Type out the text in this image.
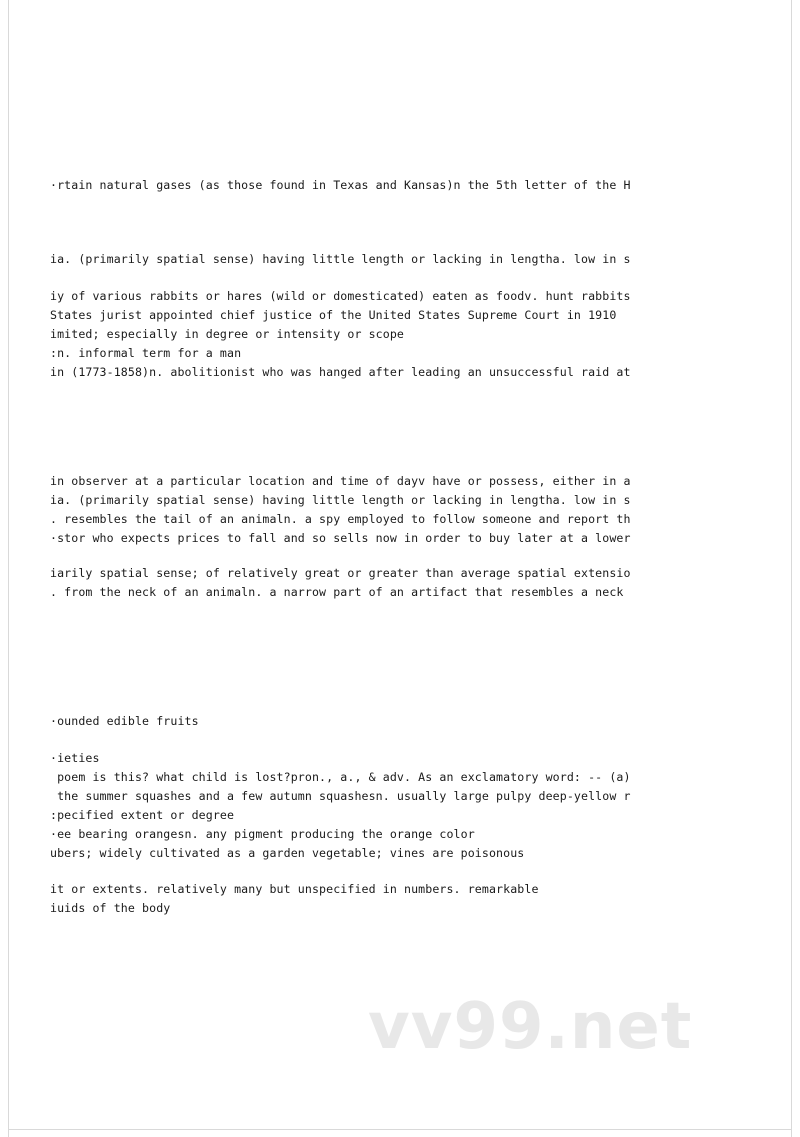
·rtain natural gases (as those found in Texas and Kansas)n the 5th letter of the H
ia. (primarily spatial sense) having little length or lacking in lengtha. low in s
iy of various rabbits or hares (wild or domesticated) eaten as foodv. hunt rabbits
States jurist appointed chief justice of the United States Supreme Court in 1910
imited; especially in degree or intensity or scope
:n. informal term for a man
in (1773-1858)n. abolitionist who was hanged after leading an unsuccessful raid at
in observer at a particular location and time of dayv have or possess, either in a
ia. (primarily spatial sense) having little length or lacking in lengtha. low in s
. resembles the tail of an animaln. a spy employed to follow someone and report th
·stor who expects prices to fall and so sells now in order to buy later at a lower
iarily spatial sense; of relatively great or greater than average spatial extensio
. from the neck of an animaln. a narrow part of an artifact that resembles a neck
·ounded edible fruits
·ieties
poem is this? what child is lost?pron., a., & adv. As an exclamatory word: -- (a)
the summer squashes and a few autumn squashesn. usually large pulpy deep-yellow r
:pecified extent or degree
·ee bearing orangesn. any pigment producing the orange color
ubers; widely cultivated as a garden vegetable; vines are poisonous
it or extents. relatively many but unspecified in numbers. remarkable
iuids of the body
vv99.net
